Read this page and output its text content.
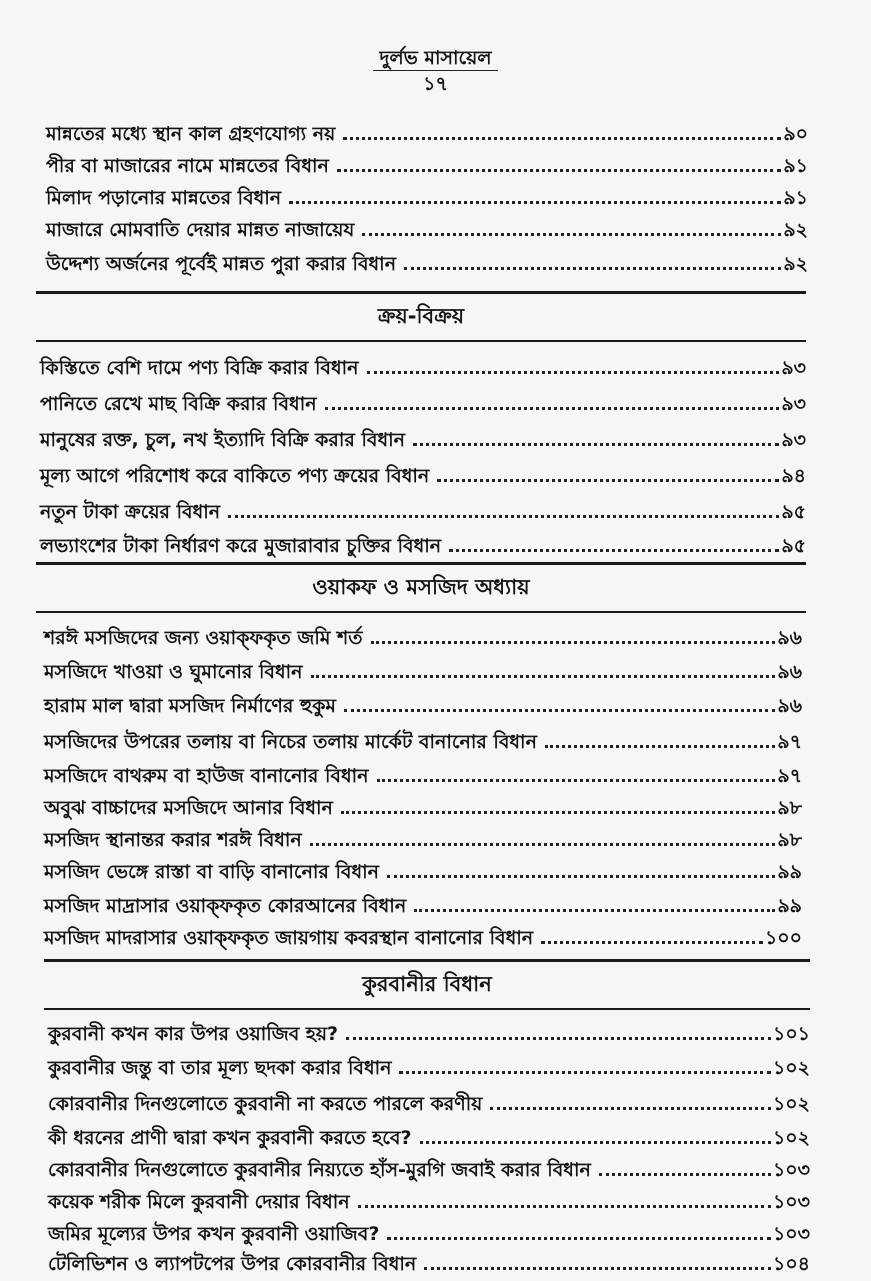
দুর্লভ মাসায়েল
১৭
মান্নতের মধ্যে স্থান কাল গ্রহণযোগ্য নয়	৯০
পীর বা মাজারের নামে মান্নতের বিধান	৯১
মিলাদ পড়ানোর মান্নতের বিধান	৯১
মাজারে মোমবাতি দেয়ার মান্নত নাজায়েয	৯২
উদ্দেশ্য অর্জনের পূর্বেই মান্নত পুরা করার বিধান	৯২
ক্রয়-বিক্রয়
কিস্তিতে বেশি দামে পণ্য বিক্রি করার বিধান	৯৩
পানিতে রেখে মাছ বিক্রি করার বিধান	৯৩
মানুষের রক্ত, চুল, নখ ইত্যাদি বিক্রি করার বিধান	৯৩
মূল্য আগে পরিশোধ করে বাকিতে পণ্য ক্রয়ের বিধান	৯৪
নতুন টাকা ক্রয়ের বিধান	৯৫
লভ্যাংশের টাকা নির্ধারণ করে মুজারাবার চুক্তির বিধান	৯৫
ওয়াকফ ও মসজিদ অধ্যায়
শরঈ মসজিদের জন্য ওয়াক্ফকৃত জমি শর্ত	৯৬
মসজিদে খাওয়া ও ঘুমানোর বিধান	৯৬
হারাম মাল দ্বারা মসজিদ নির্মাণের হুকুম	৯৬
মসজিদের উপরের তলায় বা নিচের তলায় মার্কেট বানানোর বিধান	৯৭
মসজিদে বাথরুম বা হাউজ বানানোর বিধান	৯৭
অবুঝ বাচ্চাদের মসজিদে আনার বিধান	৯৮
মসজিদ স্থানান্তর করার শরঈ বিধান	৯৮
মসজিদ ভেঙ্গে রাস্তা বা বাড়ি বানানোর বিধান	৯৯
মসজিদ মাদ্রাসার ওয়াক্ফকৃত কোরআনের বিধান	৯৯
মসজিদ মাদরাসার ওয়াক্ফকৃত জায়গায় কবরস্থান বানানোর বিধান	১০০
কুরবানীর বিধান
কুরবানী কখন কার উপর ওয়াজিব হয়?	১০১
কুরবানীর জন্তু বা তার মূল্য ছদকা করার বিধান	১০২
কোরবানীর দিনগুলোতে কুরবানী না করতে পারলে করণীয়	১০২
কী ধরনের প্রাণী দ্বারা কখন কুরবানী করতে হবে?	১০২
কোরবানীর দিনগুলোতে কুরবানীর নিয়্যতে হাঁস-মুরগি জবাই করার বিধান	১০৩
কয়েক শরীক মিলে কুরবানী দেয়ার বিধান	১০৩
জমির মূল্যের উপর কখন কুরবানী ওয়াজিব?	১০৩
টেলিভিশন ও ল্যাপটপের উপর কোরবানীর বিধান	১০৪
